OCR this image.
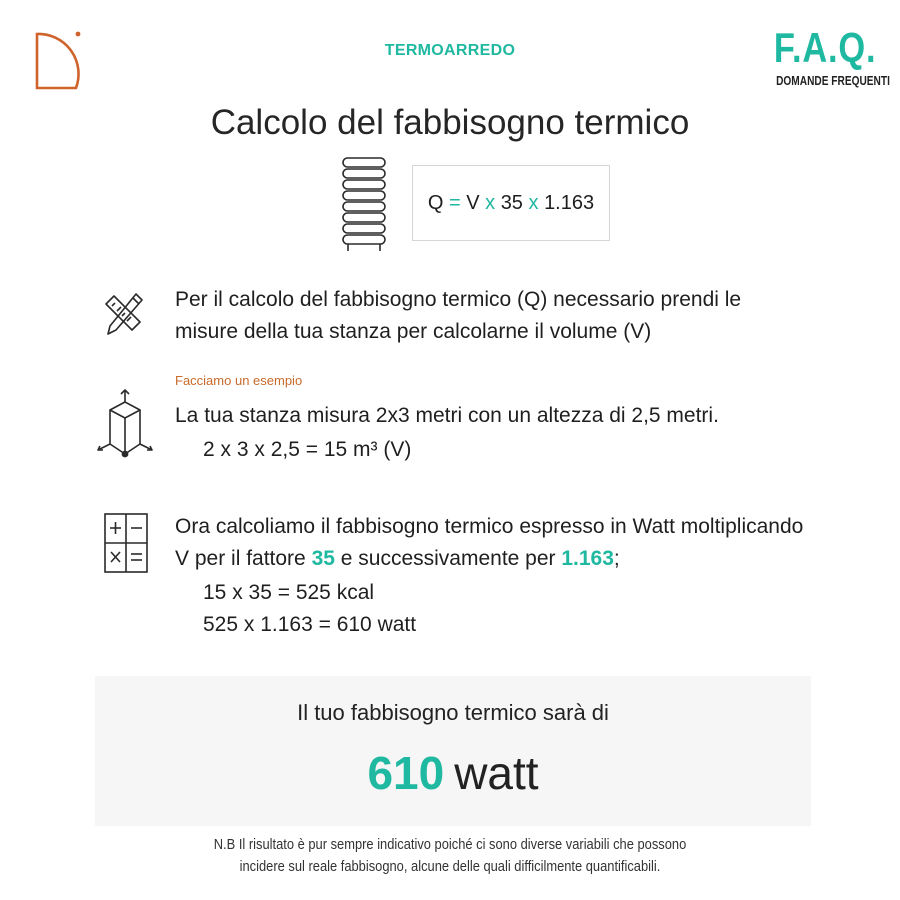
TERMOARREDO	F.A.Q.
DOMANDE FREQUENTI
Calcolo del fabbisogno termico
Q = V x 35 x 1.163
Per il calcolo del fabbisogno termico (Q) necessario prendi le
misure della tua stanza per calcolarne il volume (V)
Facciamo un esempio
La tua stanza misura 2x3 metri con un altezza di 2,5 metri.
2 x 3 x 2,5 = 15 m³ (V)
Ora calcoliamo il fabbisogno termico espresso in Watt moltiplicando
V per il fattore 35 e successivamente per 1.163;
15 x 35 = 525 kcal
525 x 1.163 = 610 watt
Il tuo fabbisogno termico sarà di
610 watt
N.B Il risultato è pur sempre indicativo poiché ci sono diverse variabili che possono
incidere sul reale fabbisogno, alcune delle quali difficilmente quantificabili.
